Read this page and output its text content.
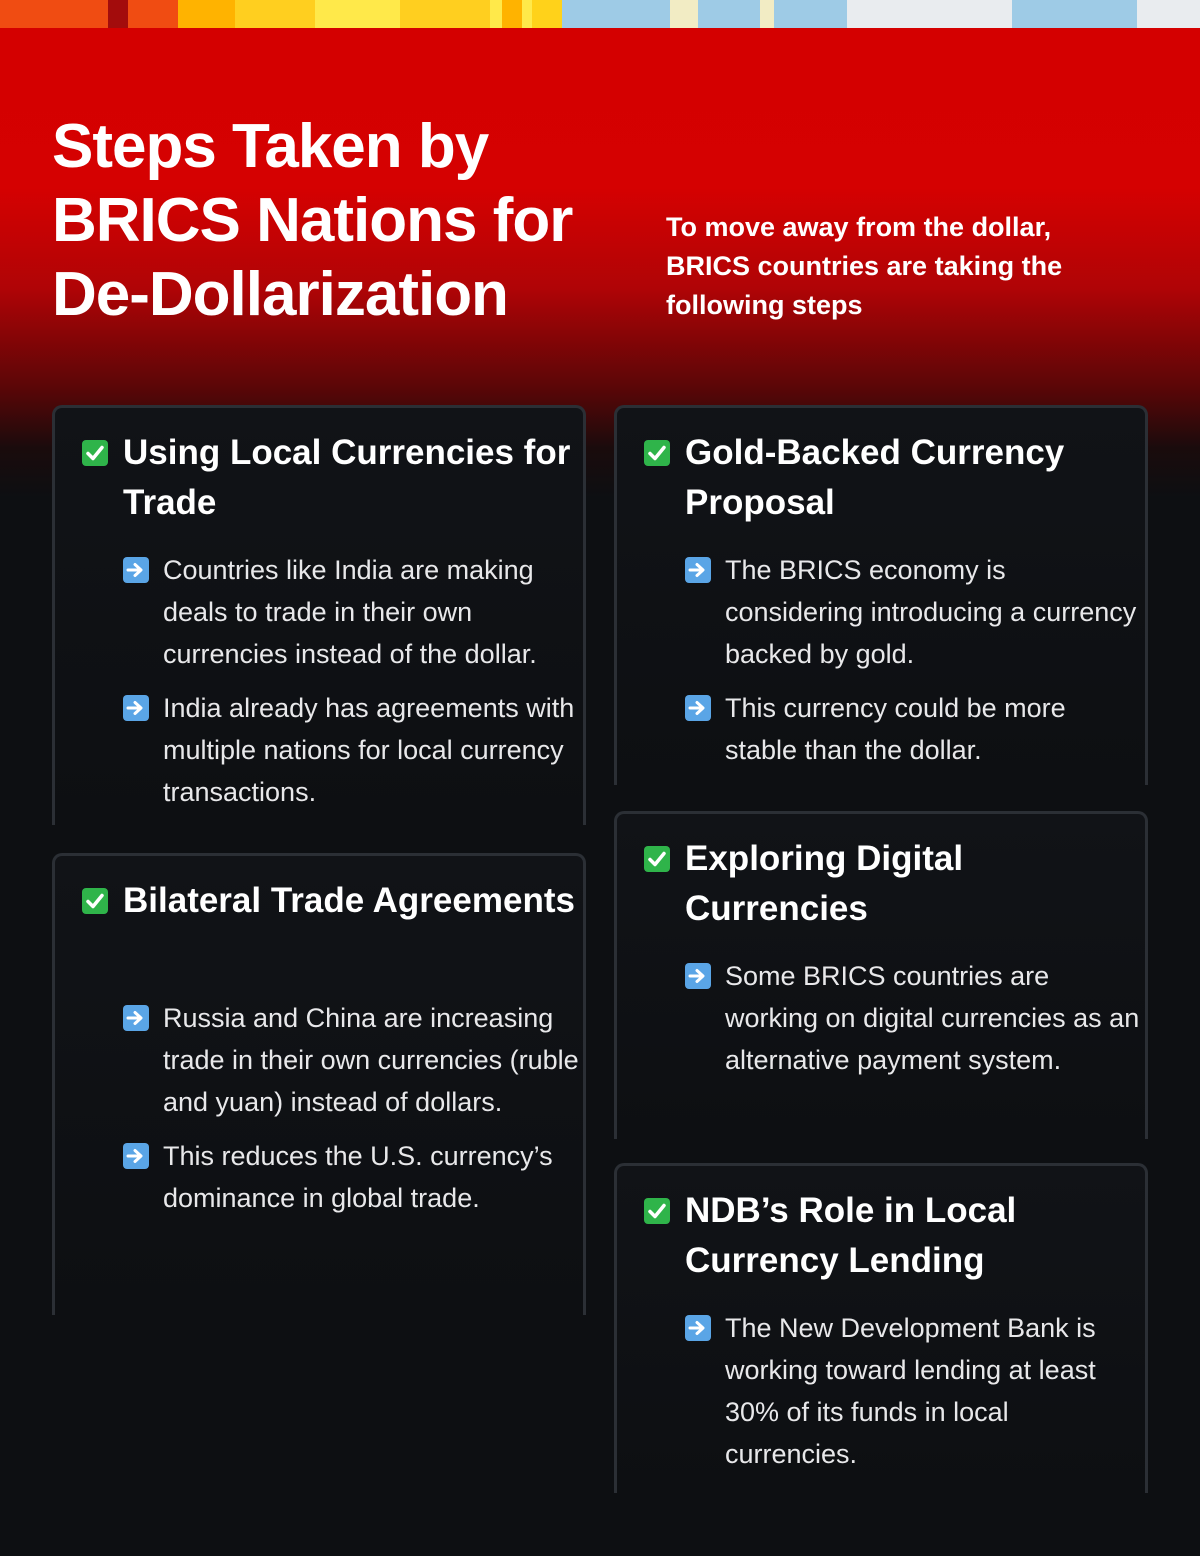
Steps Taken by BRICS Nations for De-Dollarization

To move away from the dollar, BRICS countries are taking the following steps

Using Local Currencies for Trade
Countries like India are making deals to trade in their own currencies instead of the dollar.
India already has agreements with multiple nations for local currency transactions.
Bilateral Trade Agreements
Russia and China are increasing trade in their own currencies (ruble and yuan) instead of dollars.
This reduces the U.S. currency’s dominance in global trade.
Gold-Backed Currency Proposal
The BRICS economy is considering introducing a currency backed by gold.
This currency could be more stable than the dollar.
Exploring Digital Currencies
Some BRICS countries are working on digital currencies as an alternative payment system.
NDB’s Role in Local Currency Lending
The New Development Bank is working toward lending at least 30% of its funds in local currencies.
